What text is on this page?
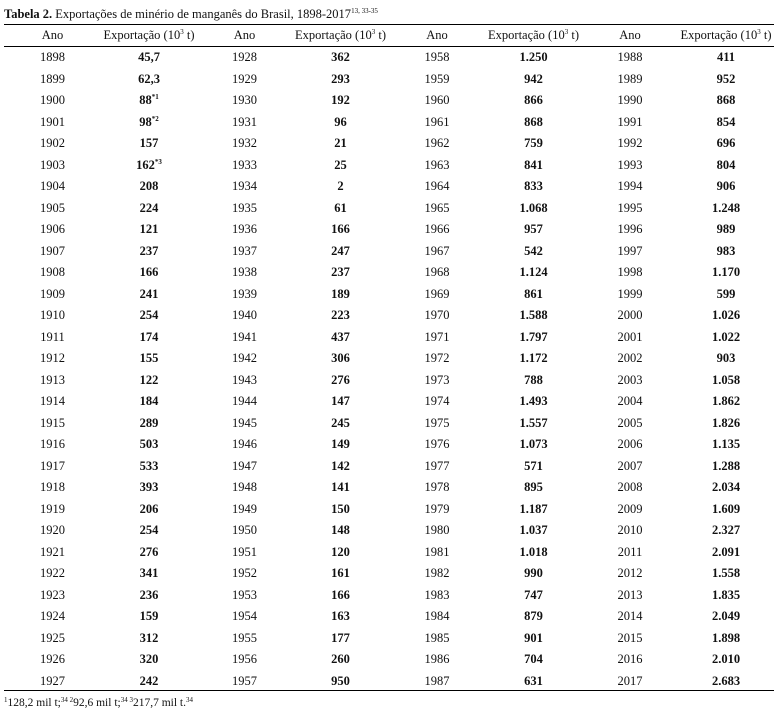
Tabela 2. Exportações de minério de manganês do Brasil, 1898-2017$^{13, 33-35}$
Ano	Exportação ($10^3$ t)	Ano	Exportação ($10^3$ t)	Ano	Exportação ($10^3$ t)	Ano	Exportação ($10^3$ t)
1898	45,7	1928	362	1958	1.250	1988	411
1899	62,3	1929	293	1959	942	1989	952
1900	88$^{*1}$	1930	192	1960	866	1990	868
1901	98$^{*2}$	1931	96	1961	868	1991	854
1902	157	1932	21	1962	759	1992	696
1903	162$^{*3}$	1933	25	1963	841	1993	804
1904	208	1934	2	1964	833	1994	906
1905	224	1935	61	1965	1.068	1995	1.248
1906	121	1936	166	1966	957	1996	989
1907	237	1937	247	1967	542	1997	983
1908	166	1938	237	1968	1.124	1998	1.170
1909	241	1939	189	1969	861	1999	599
1910	254	1940	223	1970	1.588	2000	1.026
1911	174	1941	437	1971	1.797	2001	1.022
1912	155	1942	306	1972	1.172	2002	903
1913	122	1943	276	1973	788	2003	1.058
1914	184	1944	147	1974	1.493	2004	1.862
1915	289	1945	245	1975	1.557	2005	1.826
1916	503	1946	149	1976	1.073	2006	1.135
1917	533	1947	142	1977	571	2007	1.288
1918	393	1948	141	1978	895	2008	2.034
1919	206	1949	150	1979	1.187	2009	1.609
1920	254	1950	148	1980	1.037	2010	2.327
1921	276	1951	120	1981	1.018	2011	2.091
1922	341	1952	161	1982	990	2012	1.558
1923	236	1953	166	1983	747	2013	1.835
1924	159	1954	163	1984	879	2014	2.049
1925	312	1955	177	1985	901	2015	1.898
1926	320	1956	260	1986	704	2016	2.010
1927	242	1957	950	1987	631	2017	2.683
$^1$128,2 mil t;$^{34 2}$92,6 mil t;$^{34 3}$217,7 mil t.$^{34}$
